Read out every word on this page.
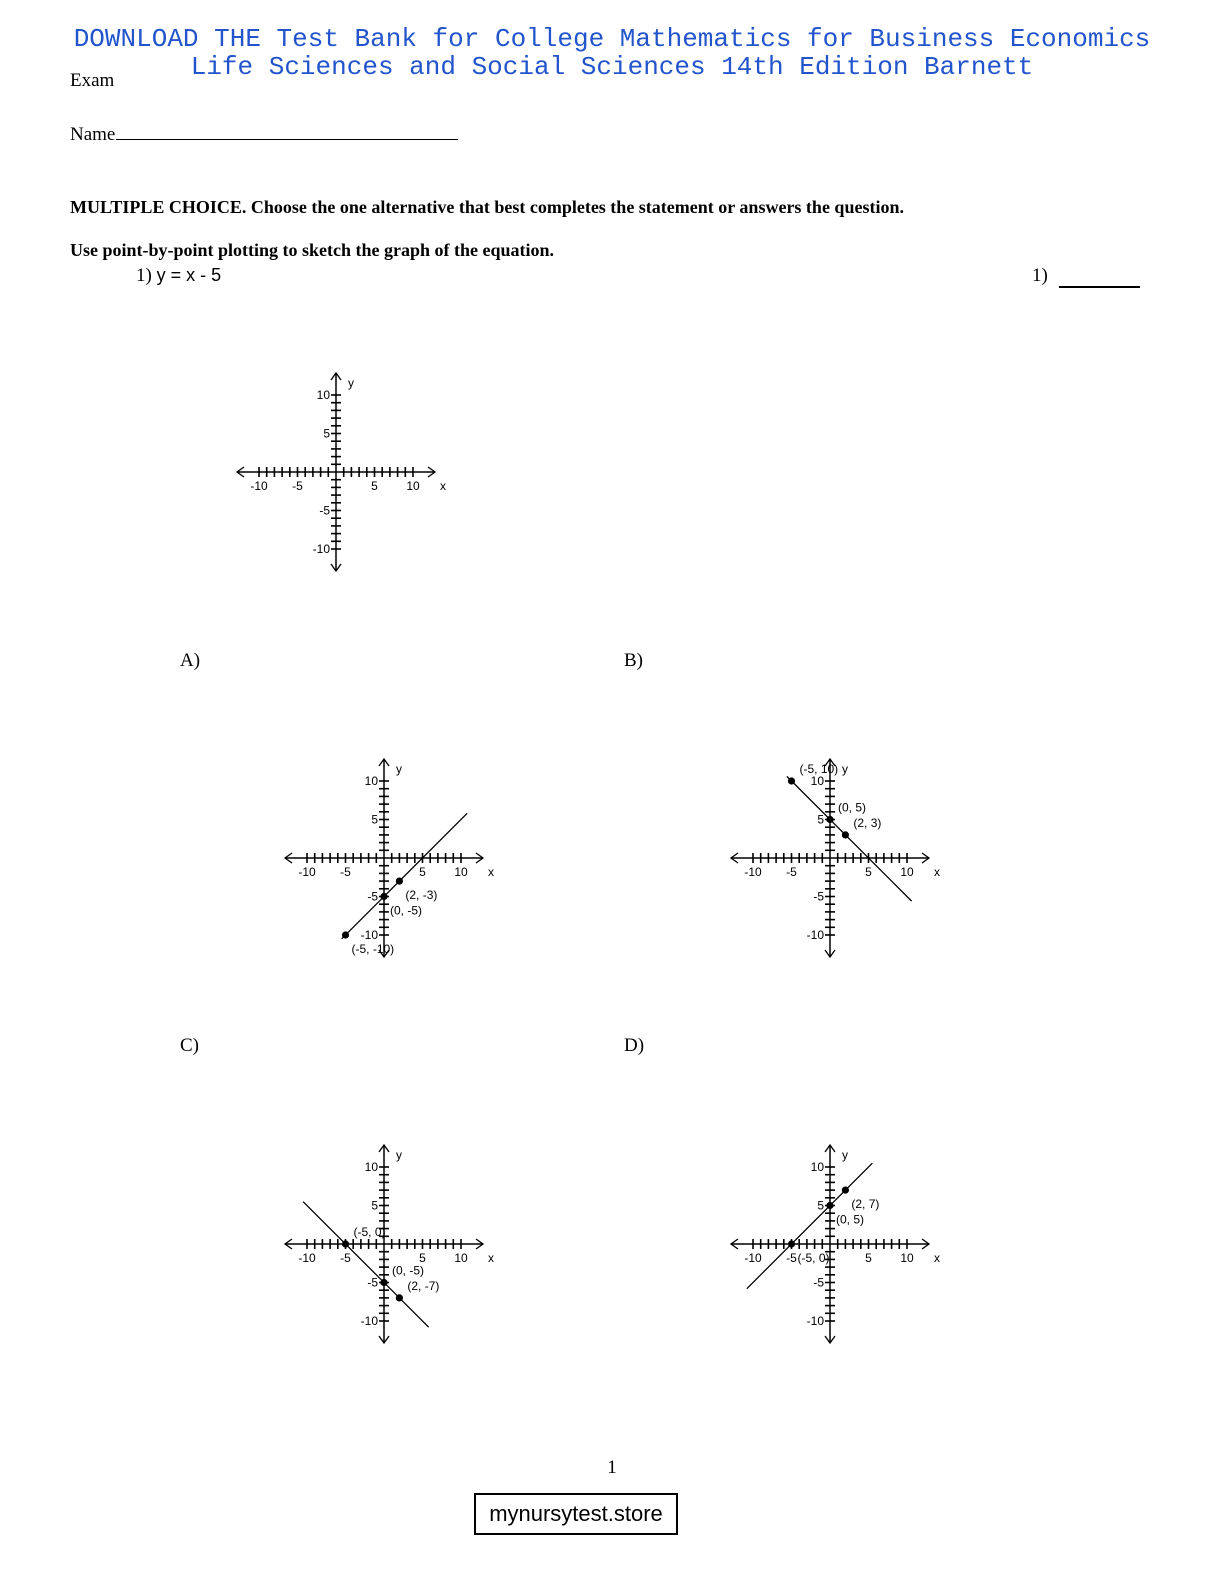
DOWNLOAD THE Test Bank for College Mathematics for Business Economics
Life Sciences and Social Sciences 14th Edition Barnett
Exam
Name
MULTIPLE CHOICE. Choose the one alternative that best completes the statement or answers the question.
Use point-by-point plotting to sketch the graph of the equation.
1) y = x - 5	1)
-10 -5	5 10
10
5
-5
-10
x
y
A)
-10 -5	5 10
10
5
-5
-10
x
y
(2, -3)
(0, -5)
(-5, -10)
B)
-10 -5	5 10
10
5
-5
-10
x
y
(-5, 10)
(0, 5)
(2, 3)
C)
-10 -5	5 10
10
5
-5
-10
x
y
(-5, 0)
(0, -5)
(2, -7)
D)
-10 -5	5 10
10
5
-5
-10
x
y
(2, 7)
(0, 5)
(-5, 0)
1
mynursytest.store
